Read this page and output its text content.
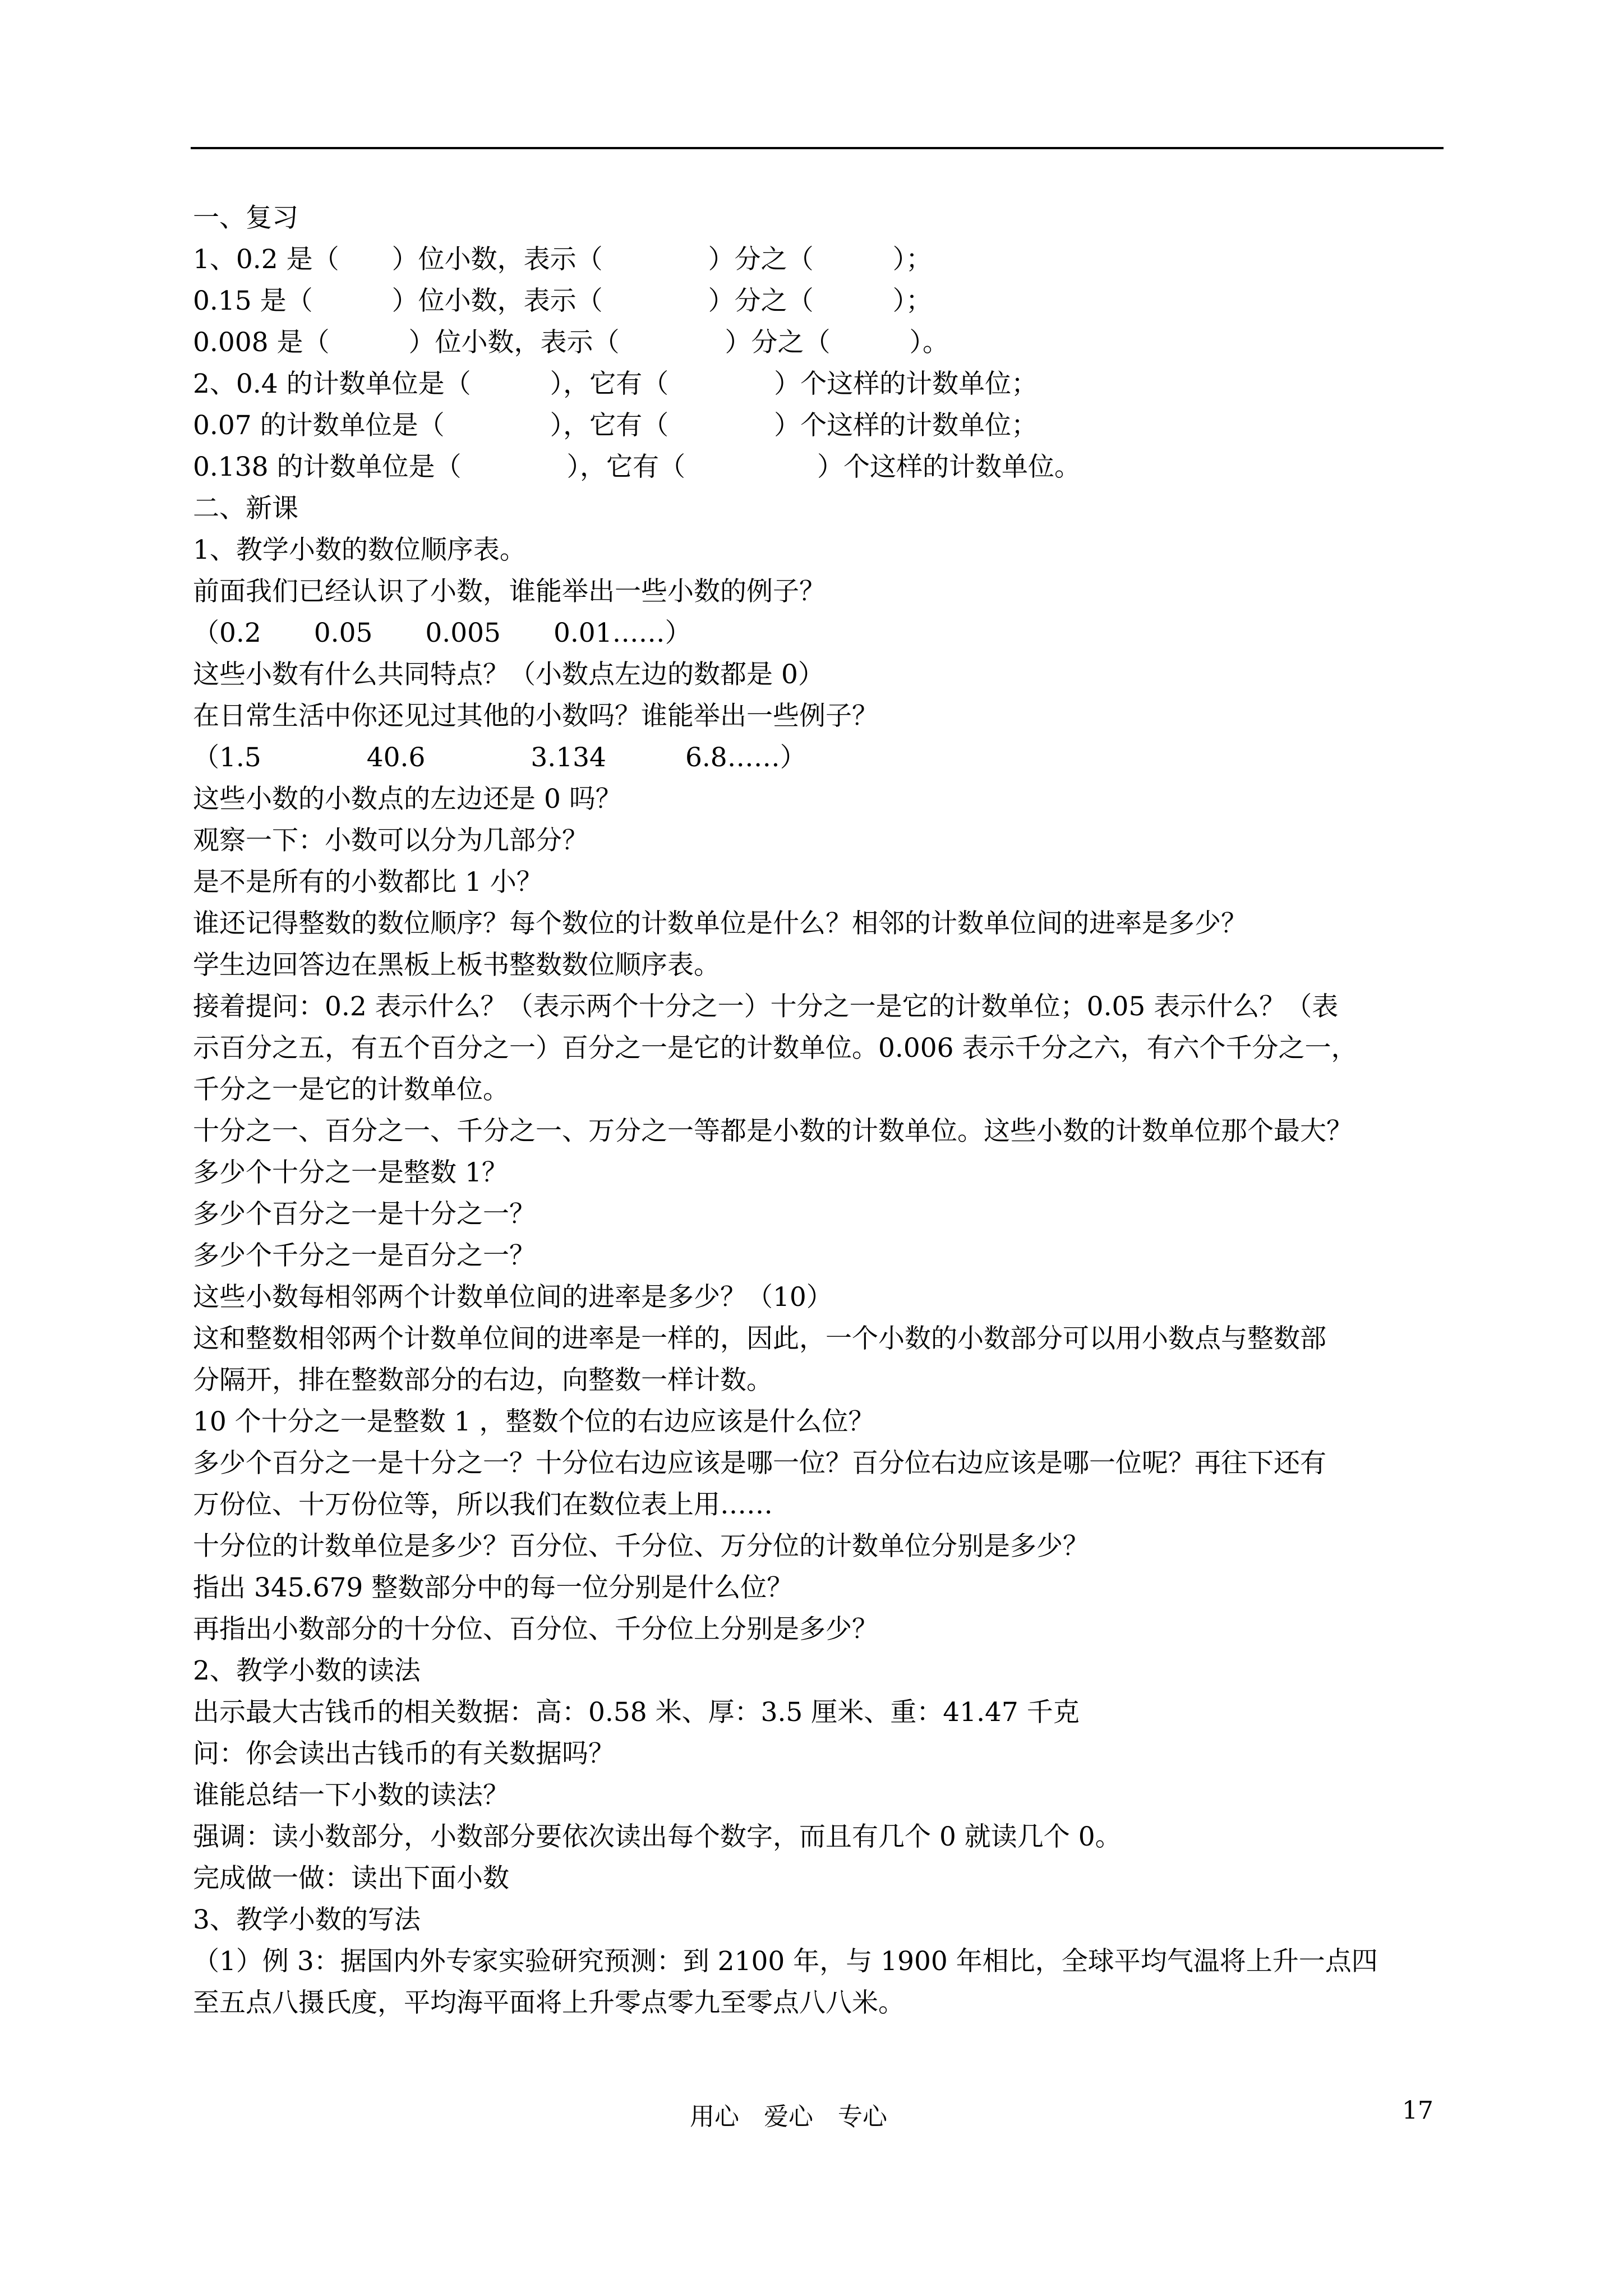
一、复习
1、0.2 是（　　）位小数，表示（　　　　）分之（　　　）；
0.15 是（　　　）位小数，表示（　　　　）分之（　　　）；
0.008 是（　　　）位小数，表示（　　　　）分之（　　　）。
2、0.4 的计数单位是（　　　），它有（　　　　）个这样的计数单位；
0.07 的计数单位是（　　　　），它有（　　　　）个这样的计数单位；
0.138 的计数单位是（　　　　），它有（　　　　　）个这样的计数单位。
二、新课
1、教学小数的数位顺序表。
前面我们已经认识了小数，谁能举出一些小数的例子？
（0.2　　0.05　　0.005　　0.01……）
这些小数有什么共同特点？（小数点左边的数都是 0）
在日常生活中你还见过其他的小数吗？谁能举出一些例子？
（1.5　　　　40.6　　　　3.134　　　6.8……）
这些小数的小数点的左边还是 0 吗？
观察一下：小数可以分为几部分？
是不是所有的小数都比 1 小？
谁还记得整数的数位顺序？每个数位的计数单位是什么？相邻的计数单位间的进率是多少？
学生边回答边在黑板上板书整数数位顺序表。
接着提问：0.2 表示什么？（表示两个十分之一）十分之一是它的计数单位；0.05 表示什么？（表
示百分之五，有五个百分之一）百分之一是它的计数单位。0.006 表示千分之六，有六个千分之一，
千分之一是它的计数单位。
十分之一、百分之一、千分之一、万分之一等都是小数的计数单位。这些小数的计数单位那个最大？
多少个十分之一是整数 1？
多少个百分之一是十分之一？
多少个千分之一是百分之一？
这些小数每相邻两个计数单位间的进率是多少？（10）
这和整数相邻两个计数单位间的进率是一样的，因此，一个小数的小数部分可以用小数点与整数部
分隔开，排在整数部分的右边，向整数一样计数。
10 个十分之一是整数 1 ，整数个位的右边应该是什么位？
多少个百分之一是十分之一？十分位右边应该是哪一位？百分位右边应该是哪一位呢？再往下还有
万份位、十万份位等，所以我们在数位表上用……
十分位的计数单位是多少？百分位、千分位、万分位的计数单位分别是多少？
指出 345.679 整数部分中的每一位分别是什么位？
再指出小数部分的十分位、百分位、千分位上分别是多少？
2、教学小数的读法
出示最大古钱币的相关数据：高：0.58 米、厚：3.5 厘米、重：41.47 千克
问：你会读出古钱币的有关数据吗？
谁能总结一下小数的读法？
强调：读小数部分，小数部分要依次读出每个数字，而且有几个 0 就读几个 0。
完成做一做：读出下面小数
3、教学小数的写法
（1）例 3：据国内外专家实验研究预测：到 2100 年，与 1900 年相比，全球平均气温将上升一点四
至五点八摄氏度，平均海平面将上升零点零九至零点八八米。
用心　爱心　专心	17
